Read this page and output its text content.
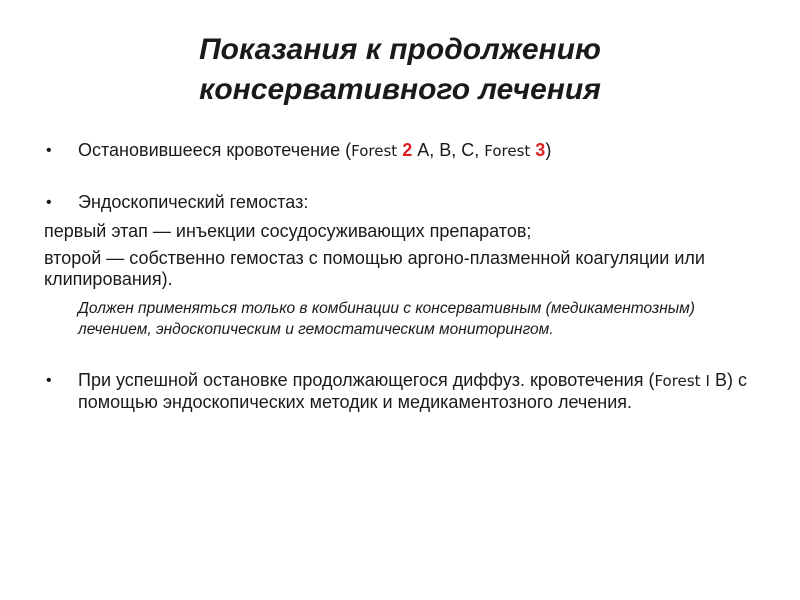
Показания к продолжению
консервативного лечения
• Остановившееся кровотечение (Forest 2 А, В, С, Forest 3)
• Эндоскопический гемостаз:
первый этап — инъекции сосудосуживающих препаратов;
второй — собственно гемостаз с помощью аргоно-плазменной коагуляции или клипирования).
Должен применяться только в комбинации с консервативным (медикаментозным) лечением, эндоскопическим и гемостатическим мониторингом.
• При успешной остановке продолжающегося диффуз. кровотечения (Forest I В) с помощью эндоскопических методик и медикаментозного лечения.
